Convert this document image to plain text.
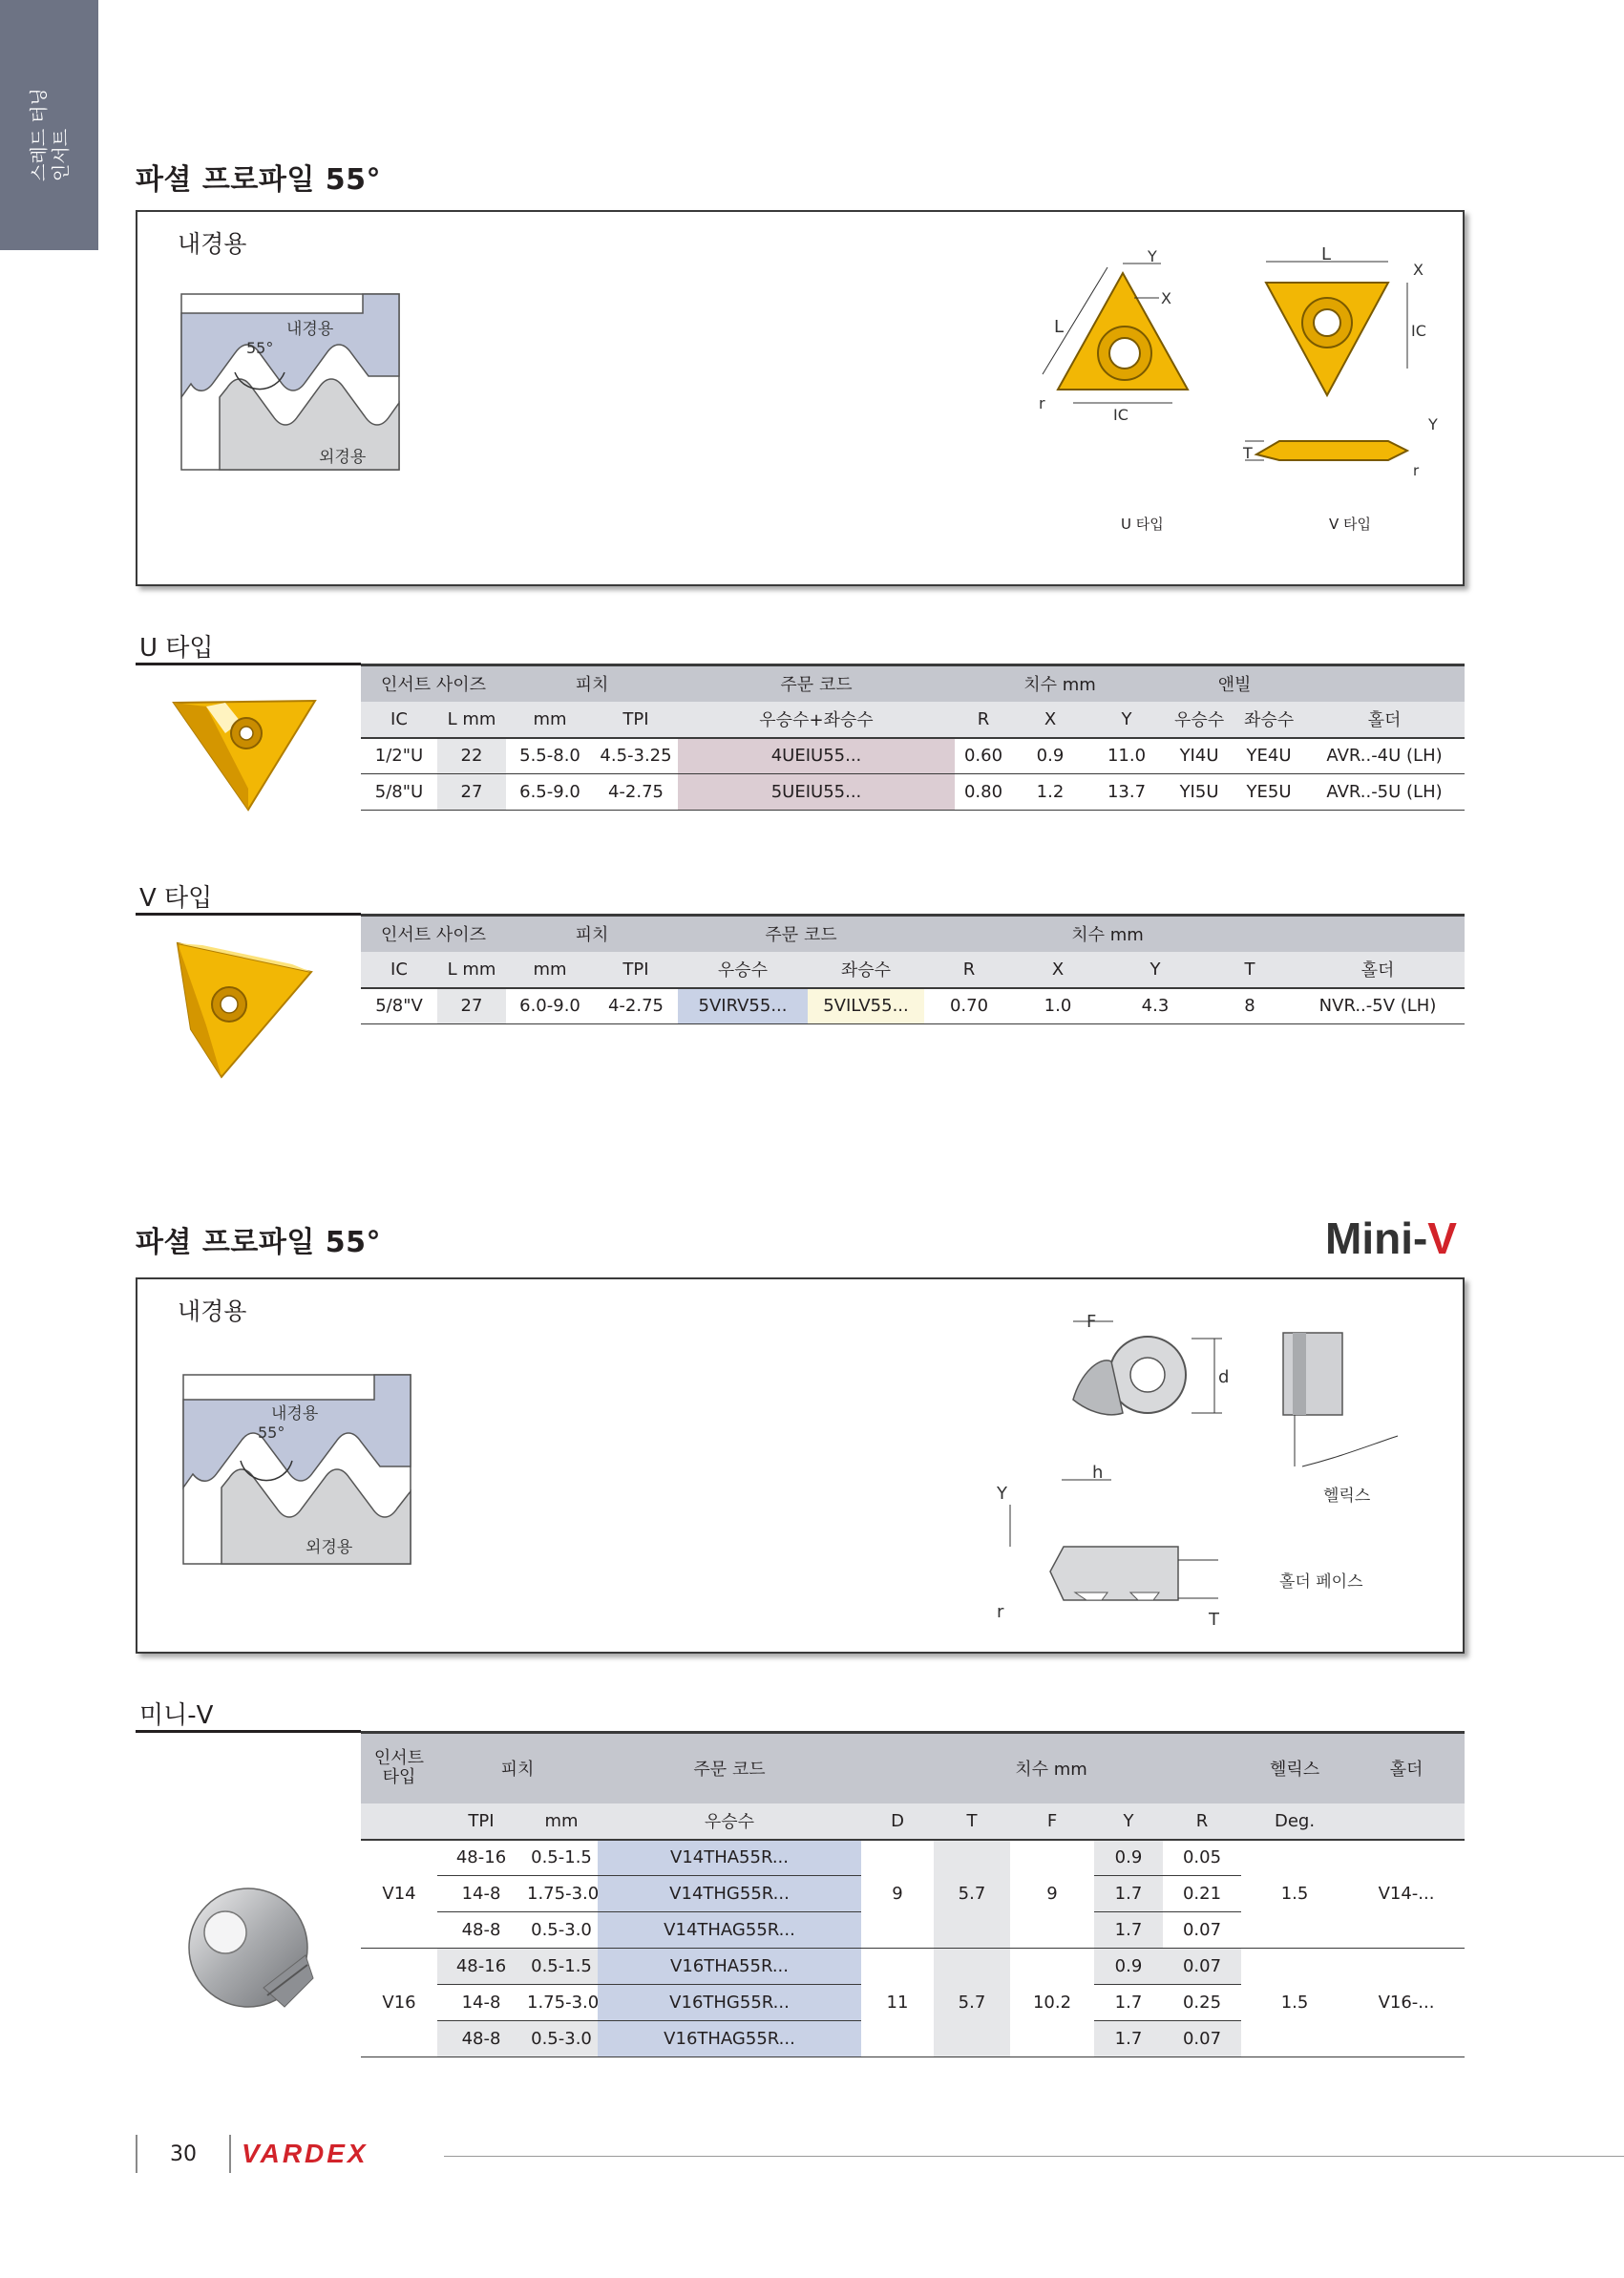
스레드 터닝 인서트 파셜 프로파일 55°
내경용
55°
내경용
외경용
Y
X
L
r
IC
U 타입
L
X
IC
T
Y
r
V 타입
U 타입
인서트 사이즈		피치		주문 코드	치수 mm			앤빌		
IC	L mm	mm	TPI	우승수+좌승수	R	X	Y	우승수	좌승수	홀더
1/2"U	22	5.5-8.0	4.5-3.25	4UEIU55...	0.60	0.9	11.0	YI4U	YE4U	AVR..-4U (LH)
5/8"U	27	6.5-9.0	4-2.75	5UEIU55...	0.80	1.2	13.7	YI5U	YE5U	AVR..-5U (LH)
V 타입
인서트 사이즈		피치		주문 코드		치수 mm				
IC	L mm	mm	TPI	우승수	좌승수	R	X	Y	T	홀더
5/8"V	27	6.0-9.0	4-2.75	5VIRV55...	5VILV55...	0.70	1.0	4.3	8	NVR..-5V (LH)
파셜 프로파일 55°	Mini-V
내경용
내경용
55°
외경용
F
d
헬릭스
h
Y
r	T
홀더 페이스
미니-V
인서트
타입	피치		주문 코드	치수 mm					헬릭스	홀더
	TPI	mm	우승수	D	T	F	Y	R	Deg.	
V14	48-16	0.5-1.5	V14THA55R...	9	5.7	9	0.9	0.05	1.5	V14-...
	14-8	1.75-3.0	V14THG55R...				1.7	0.21		
	48-8	0.5-3.0	V14THAG55R...				1.7	0.07		
V16	48-16	0.5-1.5	V16THA55R...	11	5.7	10.2	0.9	0.07	1.5	V16-...
	14-8	1.75-3.0	V16THG55R...				1.7	0.25		
	48-8	0.5-3.0	V16THAG55R...				1.7	0.07		
30 VARDEX
